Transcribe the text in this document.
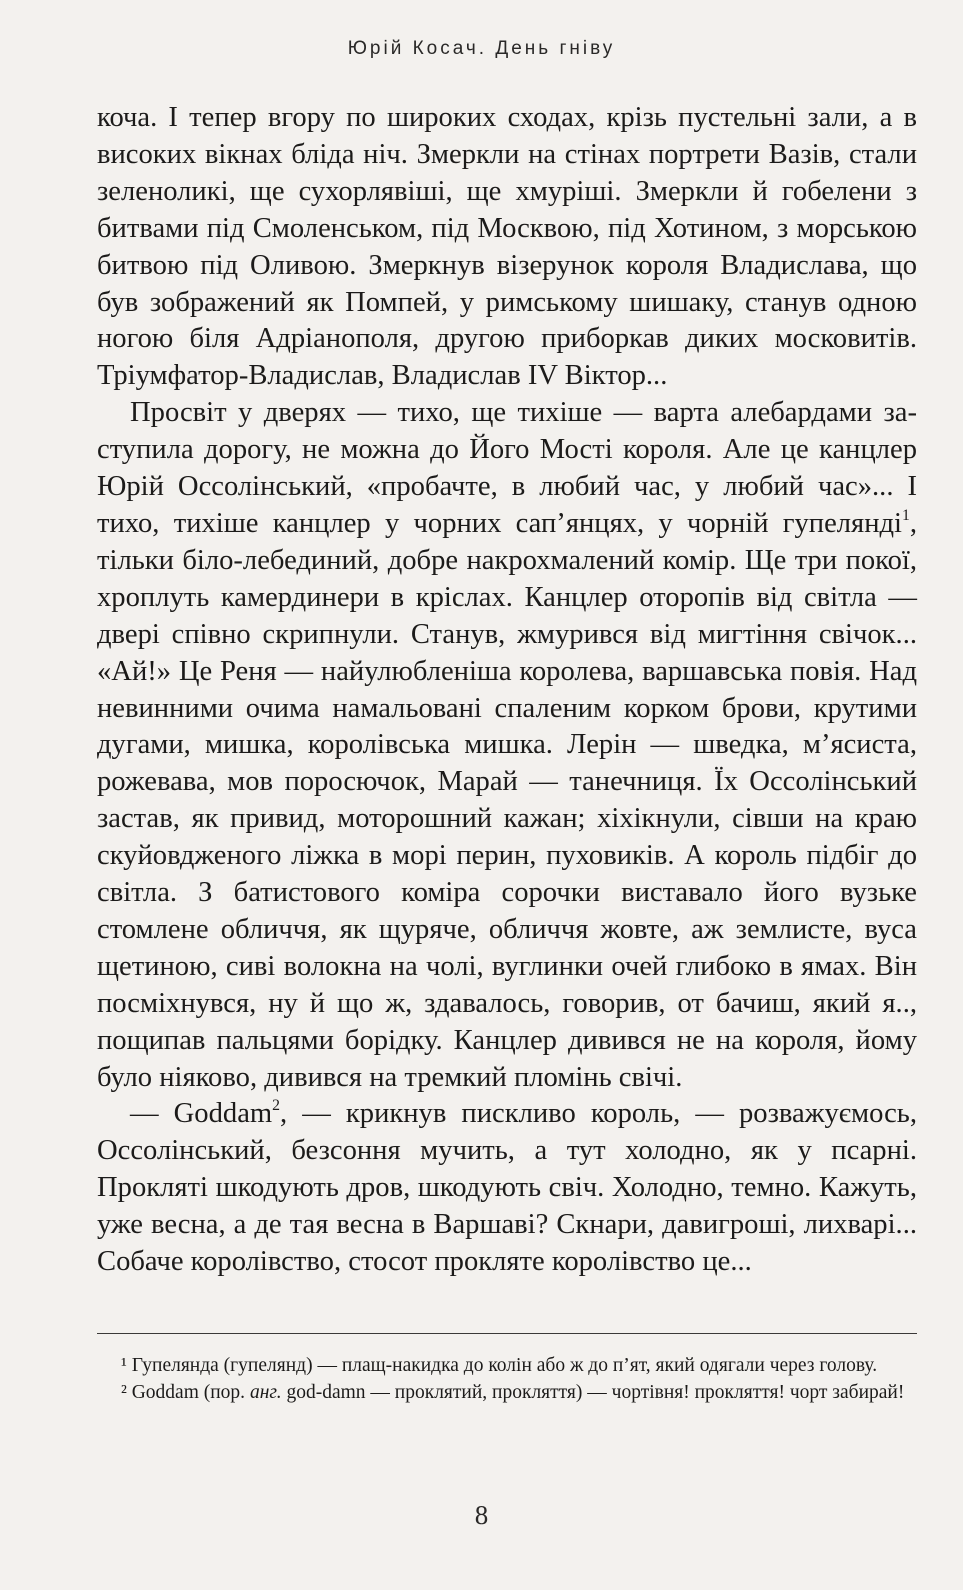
Юрій Косач. День гніву

коча. І тепер вгору по широких сходах, крізь пустельні зали, а в високих вікнах бліда ніч. Змеркли на стінах портрети Вазів, стали зеленоликі, ще сухорлявіші, ще хмуріші. Змеркли й гобелени з битвами під Смоленськом, під Москвою, під Хотином, з морською битвою під Оливою. Змеркнув візерунок короля Владислава, що був зображений як Помпей, у римському шишаку, станув одною ногою біля Адріанополя, другою приборкав диких московитів. Тріумфатор-Владислав, Владислав IV Віктор...

Просвіт у дверях — тихо, ще тихіше — варта алебардами заступила дорогу, не можна до Його Мості короля. Але це канцлер Юрій Оссолінський, «пробачте, в любий час, у любий час»... І тихо, тихіше канцлер у чорних сап’янцях, у чорній гупелянді$^1$, тільки біло-лебединий, добре накрохмалений комір. Ще три покої, хроплуть камердинери в кріслах. Канцлер оторопів від світла — двері співно скрипнули. Станув, жмурився від мигтіння свічок... «Ай!» Це Реня — найулюбленіша королева, варшавська повія. Над невинними очима намальовані спаленим корком брови, крутими дугами, мишка, королівська мишка. Лерін — шведка, м’ясиста, рожевава, мов поросючок, Марай — танечниця. Їх Оссолінський застав, як привид, моторошний кажан; хіхікнули, сівши на краю скуйовдженого ліжка в морі перин, пуховиків. А король підбіг до світла. З батистового коміра сорочки виставало його вузьке стомлене обличчя, як щуряче, обличчя жовте, аж землисте, вуса щетиною, сиві волокна на чолі, вуглинки очей глибоко в ямах. Він посміхнувся, ну й що ж, здавалось, говорив, от бачиш, який я.., пощипав пальцями борідку. Канцлер дивився не на короля, йому було ніяково, дивився на тремкий пломінь свічі.

— Goddam$^2$, — крикнув пискливо король, — розважуємось, Оссолінський, безсоння мучить, а тут холодно, як у псарні. Прокляті шкодують дров, шкодують свіч. Холодно, темно. Кажуть, уже весна, а де тая весна в Варшаві? Скнари, давигроші, лихварі... Собаче королівство, стосот прокляте королівство це...

¹ Гупелянда (гупелянд) — плащ-накидка до колін або ж до п’ят, який одягали через голову.

² Goddam (пор. анг. god-damn — проклятий, прокляття) — чортівня! прокляття! чорт забирай!

8
